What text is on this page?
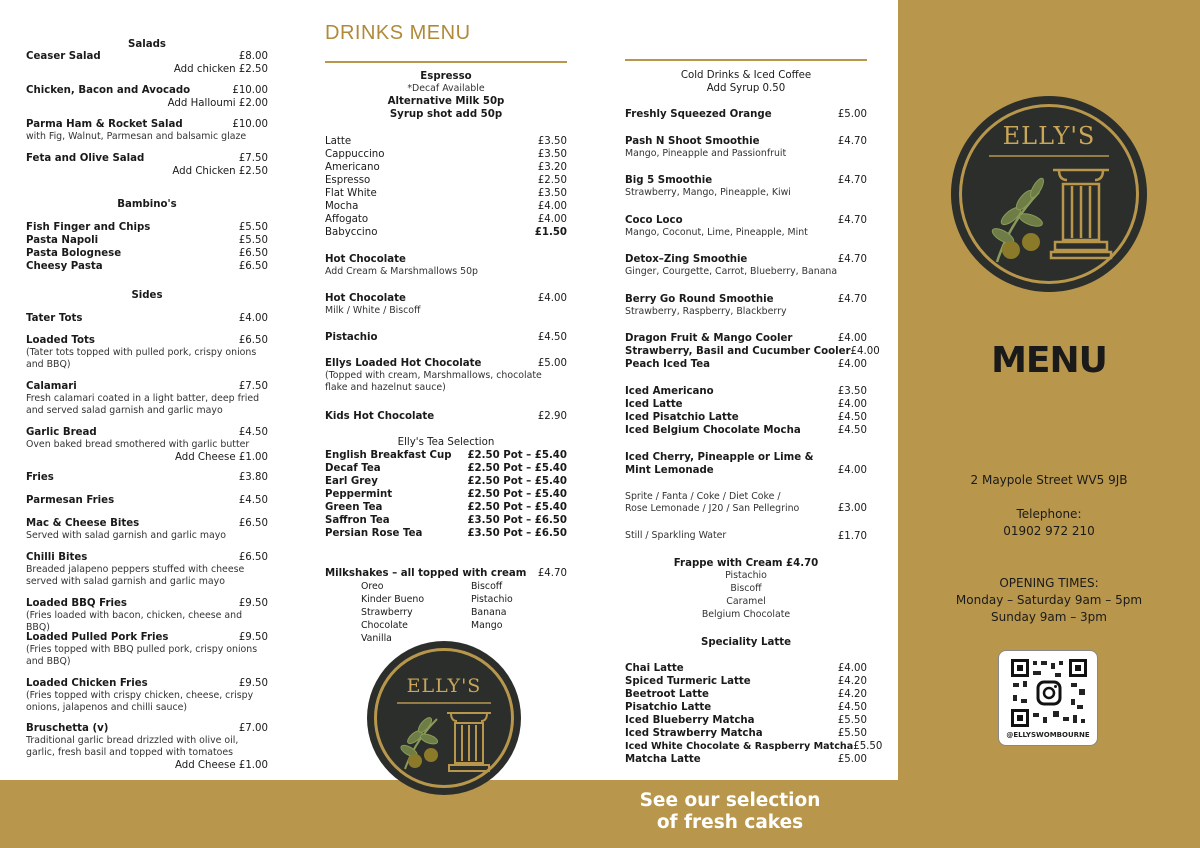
Salads
Ceaser Salad	£8.00
Add chicken £2.50
Chicken, Bacon and Avocado	£10.00
Add Halloumi £2.00
Parma Ham & Rocket Salad	£10.00
with Fig, Walnut, Parmesan and balsamic glaze
Feta and Olive Salad	£7.50
Add Chicken £2.50
Bambino's
Fish Finger and Chips	£5.50
Pasta Napoli	£5.50
Pasta Bolognese	£6.50
Cheesy Pasta	£6.50
Sides
Tater Tots	£4.00
Loaded Tots	£6.50
(Tater tots topped with pulled pork, crispy onions and BBQ)
Calamari	£7.50
Fresh calamari coated in a light batter, deep fried and served salad garnish and garlic mayo
Garlic Bread	£4.50
Oven baked bread smothered with garlic butter
Add Cheese £1.00
Fries	£3.80
Parmesan Fries	£4.50
Mac & Cheese Bites	£6.50
Served with salad garnish and garlic mayo
Chilli Bites	£6.50
Breaded jalapeno peppers stuffed with cheese served with salad garnish and garlic mayo
Loaded BBQ Fries	£9.50
(Fries loaded with bacon, chicken, cheese and BBQ)
Loaded Pulled Pork Fries	£9.50
(Fries topped with BBQ pulled pork, crispy onions and BBQ)
Loaded Chicken Fries	£9.50
(Fries topped with crispy chicken, cheese, crispy onions, jalapenos and chilli sauce)
Bruschetta (v)	£7.00
Traditional garlic bread drizzled with olive oil, garlic, fresh basil and topped with tomatoes
Add Cheese £1.00
DRINKS MENU
Espresso
*Decaf Available
Alternative Milk 50p
Syrup shot add 50p
Latte	£3.50
Cappuccino	£3.50
Americano	£3.20
Espresso	£2.50
Flat White	£3.50
Mocha	£4.00
Affogato	£4.00
Babyccino	£1.50
Hot Chocolate
Add Cream & Marshmallows 50p
Hot Chocolate	£4.00
Milk / White / Biscoff
Pistachio	£4.50
Ellys Loaded Hot Chocolate	£5.00
(Topped with cream, Marshmallows, chocolate flake and hazelnut sauce)
Kids Hot Chocolate	£2.90
Elly's Tea Selection
English Breakfast Cup £2.50 Pot – £5.40
Decaf Tea	£2.50 Pot – £5.40
Earl Grey	£2.50 Pot – £5.40
Peppermint	£2.50 Pot – £5.40
Green Tea	£2.50 Pot – £5.40
Saffron Tea	£3.50 Pot – £6.50
Persian Rose Tea	£3.50 Pot – £6.50
Milkshakes – all topped with cream £4.70
Oreo	Biscoff
Kinder Bueno	Pistachio
Strawberry	Banana
Chocolate	Mango
Vanilla
ELLY'S
Cold Drinks & Iced Coffee
Add Syrup 0.50
Freshly Squeezed Orange	£5.00
Pash N Shoot Smoothie	£4.70
Mango, Pineapple and Passionfruit
Big 5 Smoothie	£4.70
Strawberry, Mango, Pineapple, Kiwi
Coco Loco	£4.70
Mango, Coconut, Lime, Pineapple, Mint
Detox–Zing Smoothie	£4.70
Ginger, Courgette, Carrot, Blueberry, Banana
Berry Go Round Smoothie	£4.70
Strawberry, Raspberry, Blackberry
Dragon Fruit & Mango Cooler	£4.00
Strawberry, Basil and Cucumber Cooler £4.00
Peach Iced Tea	£4.00
Iced Americano	£3.50
Iced Latte	£4.00
Iced Pisatchio Latte	£4.50
Iced Belgium Chocolate Mocha	£4.50
Iced Cherry, Pineapple or Lime &
Mint Lemonade	£4.00
Sprite / Fanta / Coke / Diet Coke /
Rose Lemonade / J20 / San Pellegrino	£3.00
Still / Sparkling Water	£1.70
Frappe with Cream £4.70
Pistachio
Biscoff
Caramel
Belgium Chocolate
Speciality Latte
Chai Latte	£4.00
Spiced Turmeric Latte	£4.20
Beetroot Latte	£4.20
Pisatchio Latte	£4.50
Iced Blueberry Matcha	£5.50
Iced Strawberry Matcha	£5.50
Iced White Chocolate & Raspberry Matcha £5.50
Matcha Latte	£5.00
ELLY'S
MENU
2 Maypole Street WV5 9JB
Telephone:
01902 972 210
OPENING TIMES:
Monday – Saturday 9am – 5pm
Sunday 9am – 3pm
@ELLYSWOMBOURNE
See our selection
of fresh cakes
